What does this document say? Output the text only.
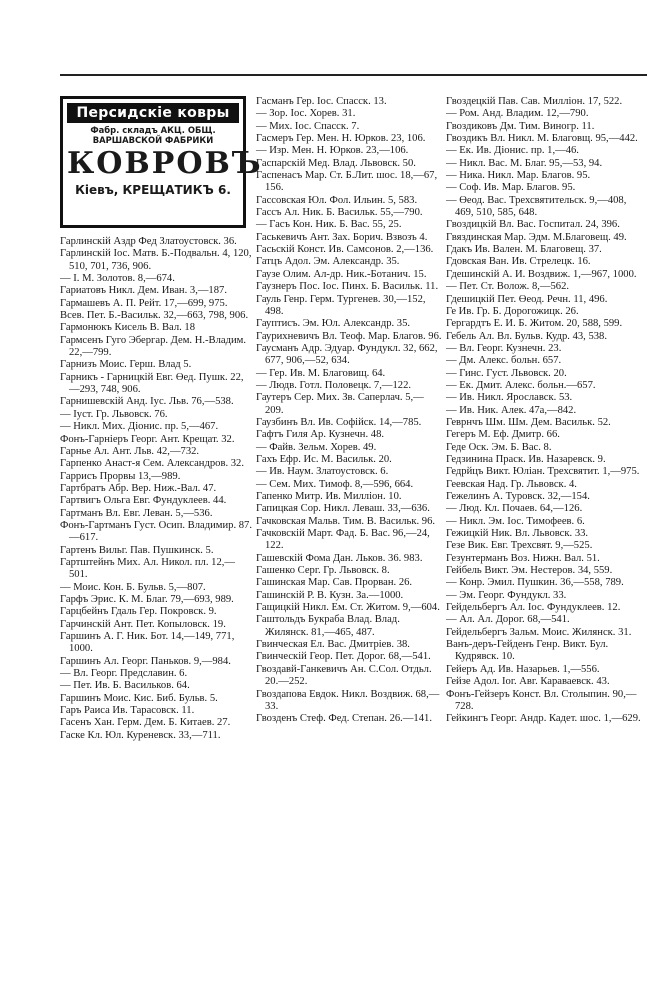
Персидскiе ковры
Фабр. складъ АКЦ. ОБЩ.
ВАРШАВСКОЙ ФАБРИКИ
КОВРОВЪ
Кiевъ, КРЕЩАТИКЪ 6.

Гарлинскiй Аздр Фед Златоустовск. 36.

Гарлинскiй Iос. Матв. Б.-Подвальн. 4, 120, 510, 701, 736, 906.

— I. М. Золотов. 8,—674.

Гариатовъ Никл. Дем. Иван. 3,—187.

Гармашевъ А. П. Рейт. 17,—699, 975.

Всев. Пет. Б.-Васильк. 32,—663, 798, 906.

Гармонюкъ Кисель В. Вал. 18

Гармсенъ Гуго Эбергар. Дем. Н.-Владим. 22,—799.

Гарнизъ Моис. Герш. Влад 5.

Гарникъ - Гарницкiй Евг. Өед. Пушк. 22,—293, 748, 906.

Гарнишевскiй Анд. Iус. Льв. 76,—538.

— Iуст. Гр. Львовск. 76.

— Никл. Мих. Дiонис. пр. 5,—467.

Фонъ-Гарнiеръ Георг. Ант. Крещат. 32.

Гарнье Ал. Ант. Льв. 42,—732.

Гарпенко Анаст-я Сем. Александров. 32.

Гаррисъ Прорвы 13,—989.

Гартбратъ Абр. Вер. Ниж.-Вал. 47.

Гартвигъ Ольга Евг. Фундуклеев. 44.

Гартманъ Вл. Евг. Леван. 5,—536.

Фонъ-Гартманъ Густ. Осип. Владимир. 87.—617.

Гартенъ Вильг. Пав. Пушкинск. 5.

Гартштейнъ Мих. Ал. Никол. пл. 12,—501.

— Моис. Кон. Б. Бульв. 5,—807.

Гарфъ Эрис. К. М. Благ. 79,—693, 989.

Гарцбейнъ Гдаль Гер. Покровск. 9.

Гарчинскiй Ант. Пет. Копыловск. 19.

Гаршинъ А. Г. Ник. Бот. 14,—149, 771, 1000.

Гаршинъ Ал. Георг. Паньков. 9,—984.

— Вл. Георг. Предславин. 6.

— Пет. Ив. Б. Васильков. 64.

Гаршинъ Моис. Кис. Биб. Бульв. 5.

Гаръ Раиса Ив. Тарасовск. 11.

Гасенъ Хан. Герм. Дем. Б. Китаев. 27.

Гаске Кл. Юл. Куреневск. 33,—711.

Гасманъ Гер. Iос. Спасск. 13.

— Зор. Iос. Хорев. 31.

— Мих. Iос. Спасск. 7.

Гасмеръ Гер. Мен. Н. Юрков. 23, 106.

— Изр. Мен. Н. Юрков. 23,—106.

Гаспарскiй Мед. Влад. Львовск. 50.

Гаспенасъ Мар. Ст. Б.Лит. шос. 18,—67, 156.

Гассовская Юл. Фол. Ильин. 5, 583.

Гассъ Ал. Ник. Б. Васильк. 55,—790.

— Гасъ Кон. Ник. Б. Вас. 55, 25.

Гаськевичъ Ант. Зах. Борич. Взвозъ 4.

Гасьскiй Конст. Ив. Самсонов. 2,—136.

Гатцъ Адол. Эм. Александр. 35.

Гаузе Олим. Ал-др. Ник.-Ботанич. 15.

Гаузнеръ Пос. Iос. Пинх. Б. Васильк. 11.

Гауль Генр. Герм. Тургенев. 30,—152, 498.

Гауптисъ. Эм. Юл. Александр. 35.

Гаурихневичъ Вл. Теоф. Мар. Благов. 96.

Гаусманъ Адр. Эдуар. Фундукл. 32, 662, 677, 906,—52, 634.

— Гер. Ив. М. Благовищ. 64.

— Людв. Готл. Половецк. 7,—122.

Гаутеръ Сер. Мих. Зв. Саперлач. 5,—209.

Гаузбинъ Вл. Ив. Софiйск. 14,—785.

Гафтъ Гиля Ар. Кузнечн. 48.

— Файв. Зельм. Хорев. 49.

Гахъ Ефр. Ис. М. Васильк. 20.

— Ив. Наум. Златоустовск. 6.

— Сем. Мих. Тимоф. 8,—596, 664.

Гапенко Митр. Ив. Миллiон. 10.

Гапицкая Сор. Никл. Леваш. 33,—636.

Гачковская Мальв. Тим. В. Васильк. 96.

Гачковскiй Март. Фад. Б. Вас. 96,—24, 122.

Гашевскiй Фома Дан. Льков. 36. 983.

Гашенко Серг. Гр. Львовск. 8.

Гашинская Мар. Сав. Прорван. 26.

Гашинскiй Р. В. Кузн. За.—1000.

Гащицкiй Никл. Ем. Ст. Житом. 9,—604.

Гаштольдъ Букраба Влад. Влад. Жилянск. 81,—465, 487.

Гвинческая Ел. Вас. Дмитрiев. 38.

Гвинческiй Геор. Пет. Дорог. 68,—541.

Гвоздавй-Ганкевичъ Ан. С.Сол. Отдьл. 20.—252.

Гвоздапова Евдок. Никл. Воздвиж. 68,—33.

Гвозденъ Стеф. Фед. Степан. 26.—141.

Гвоздецкiй Пав. Сав. Миллiон. 17, 522.

— Ром. Анд. Владим. 12,—790.

Гвоздиковъ Дм. Тим. Виногр. 11.

Гвоздикъ Вл. Никл. М. Благовщ. 95,—442.

— Ек. Ив. Дiонис. пр. 1,—46.

— Никл. Вас. М. Благ. 95,—53, 94.

— Ника. Никл. Мар. Благов. 95.

— Соф. Ив. Мар. Благов. 95.

— Өеод. Вас. Трехсвятительск. 9,—408, 469, 510, 585, 648.

Гвоздицкiй Вл. Вас. Госпитал. 24, 396.

Гвяздинская Мар. Эдм. М.Благовещ. 49.

Гдакъ Ив. Вален. М. Благовещ. 37.

Гдовская Ван. Ив. Стрелецк. 16.

Гдешинскiй А. И. Воздвиж. 1,—967, 1000.

— Пет. Ст. Волож. 8,—562.

Гдешицкiй Пет. Өеод. Речн. 11, 496.

Ге Ив. Гр. Б. Дорогожицк. 26.

Гергардтъ Е. И. Б. Житом. 20, 588, 599.

Гебель Ал. Вл. Бульв. Кудр. 43, 538.

— Вл. Георг. Кузнечн. 23.

— Дм. Алекс. больн. 657.

— Гинс. Густ. Львовск. 20.

— Ек. Дмит. Алекс. больн.—657.

— Ив. Никл. Ярославск. 53.

— Ив. Ник. Алек. 47а,—842.

Геврнчъ Шм. Шм. Дем. Васильк. 52.

Гегеръ М. Еф. Дмитр. 66.

Геде Оск. Эм. Б. Вас. 8.

Гедзинина Праск. Ив. Назаревск. 9.

Гедрйцъ Викт. Юлiан. Трехсвятит. 1,—975.

Геевская Над. Гр. Львовск. 4.

Гежелинъ А. Туровск. 32,—154.

— Люд. Кл. Почаев. 64,—126.

— Никл. Эм. Iос. Тимофеев. 6.

Гежицкiй Ник. Вл. Львовск. 33.

Гезе Вик. Евг. Трехсвят. 9,—525.

Гезунтерманъ Воз. Нижн. Вал. 51.

Гейбель Викт. Эм. Нестеров. 34, 559.

— Конр. Эмил. Пушкин. 36,—558, 789.

— Эм. Георг. Фундукл. 33.

Гейдельбергъ Ал. Iос. Фундуклеев. 12.

— Ал. Ал. Дорог. 68,—541.

Гейдельбергъ Зальм. Моис. Жилянск. 31.

Ванъ-деръ-Гейденъ Генр. Викт. Бул. Кудрявск. 10.

Гейеръ Ад. Ив. Назарьев. 1,—556.

Гейзе Адол. Iог. Авг. Караваевск. 43.

Фонъ-Гейзеръ Конст. Вл. Столыпин. 90,—728.

Гейкингъ Георг. Андр. Кадет. шос. 1,—629.
